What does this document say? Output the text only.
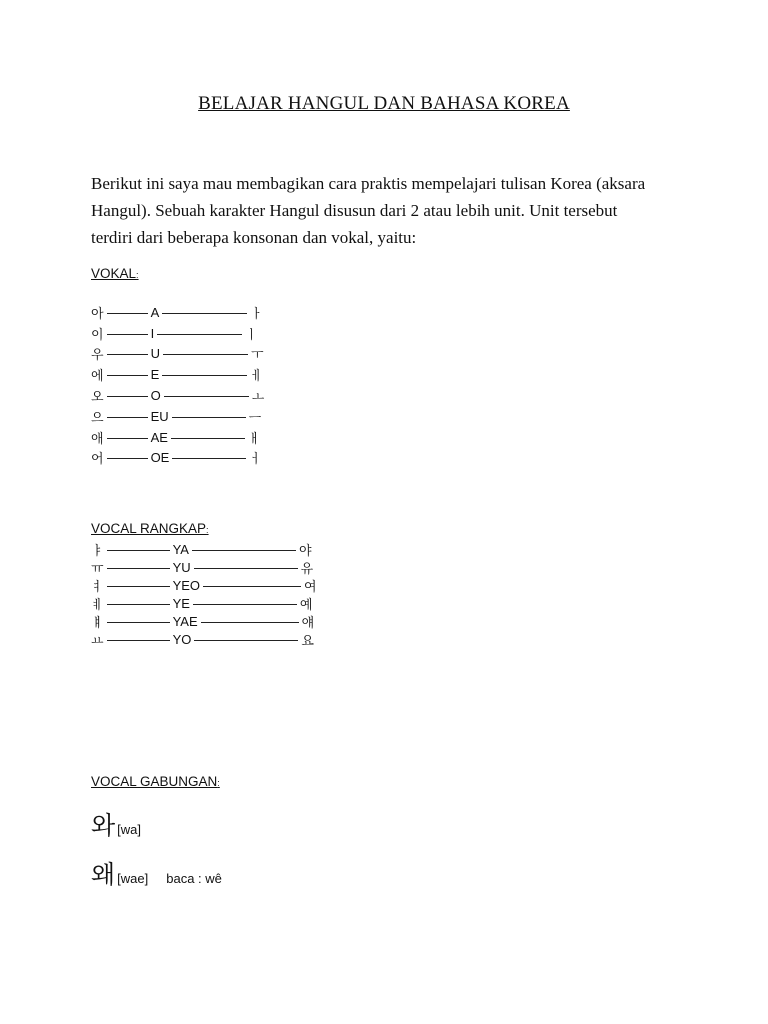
BELAJAR HANGUL DAN BAHASA KOREA
Berikut ini saya mau membagikan cara praktis mempelajari tulisan Korea (aksara
Hangul). Sebuah karakter Hangul disusun dari 2 atau lebih unit. Unit tersebut
terdiri dari beberapa konsonan dan vokal, yaitu:
VOKAL:
아	A	ㅏ
이	I	ㅣ
우	U	ㅜ
에	E	ㅔ
오	O	ㅗ
으	EU	ㅡ
애	AE	ㅐ
어	OE	ㅓ
VOCAL RANGKAP:
ㅑ	YA	야
ㅠ	YU	유
ㅕ	YEO	여
ㅖ	YE	예
ㅒ	YAE	얘
ㅛ	YO	요
VOCAL GABUNGAN:
와 [wa]
왜 [wae] baca : wê
